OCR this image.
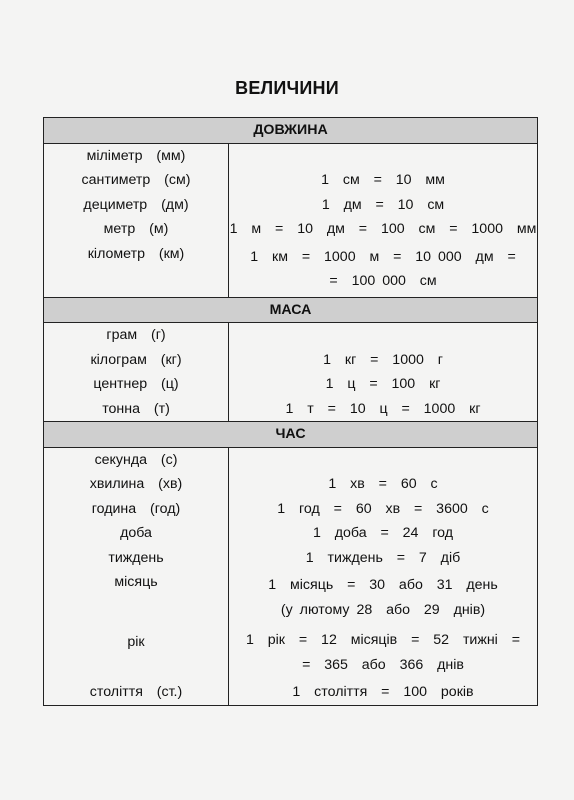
ВЕЛИЧИНИ
ДОВЖИНА	
міліметр  (мм)	
сантиметр  (см)	1  см  =  10  мм
дециметр  (дм)	1  дм  =  10  см
метр  (м)	1  м  =  10  дм  =  100  см  =  1000  мм
кілометр  (км)	1  км  =  1000  м  =  10 000  дм  =
=  100 000  см
МАСА	
грам  (г)	
кілограм  (кг)	1  кг  =  1000  г
центнер  (ц)	1  ц  =  100  кг
тонна  (т)	1  т  =  10  ц  =  1000  кг
ЧАС	
секунда  (с)	
хвилина  (хв)	1  хв  =  60  с
година  (год)	1  год  =  60  хв  =  3600  с
доба	1  доба  =  24  год
тиждень	1  тиждень  =  7  діб
місяць	1  місяць  =  30  або  31  день
(у лютому 28  або  29  днів)
рік	1  рік  =  12  місяців  =  52  тижні  =
=  365  або  366  днів
століття  (ст.)	1  століття  =  100  років
